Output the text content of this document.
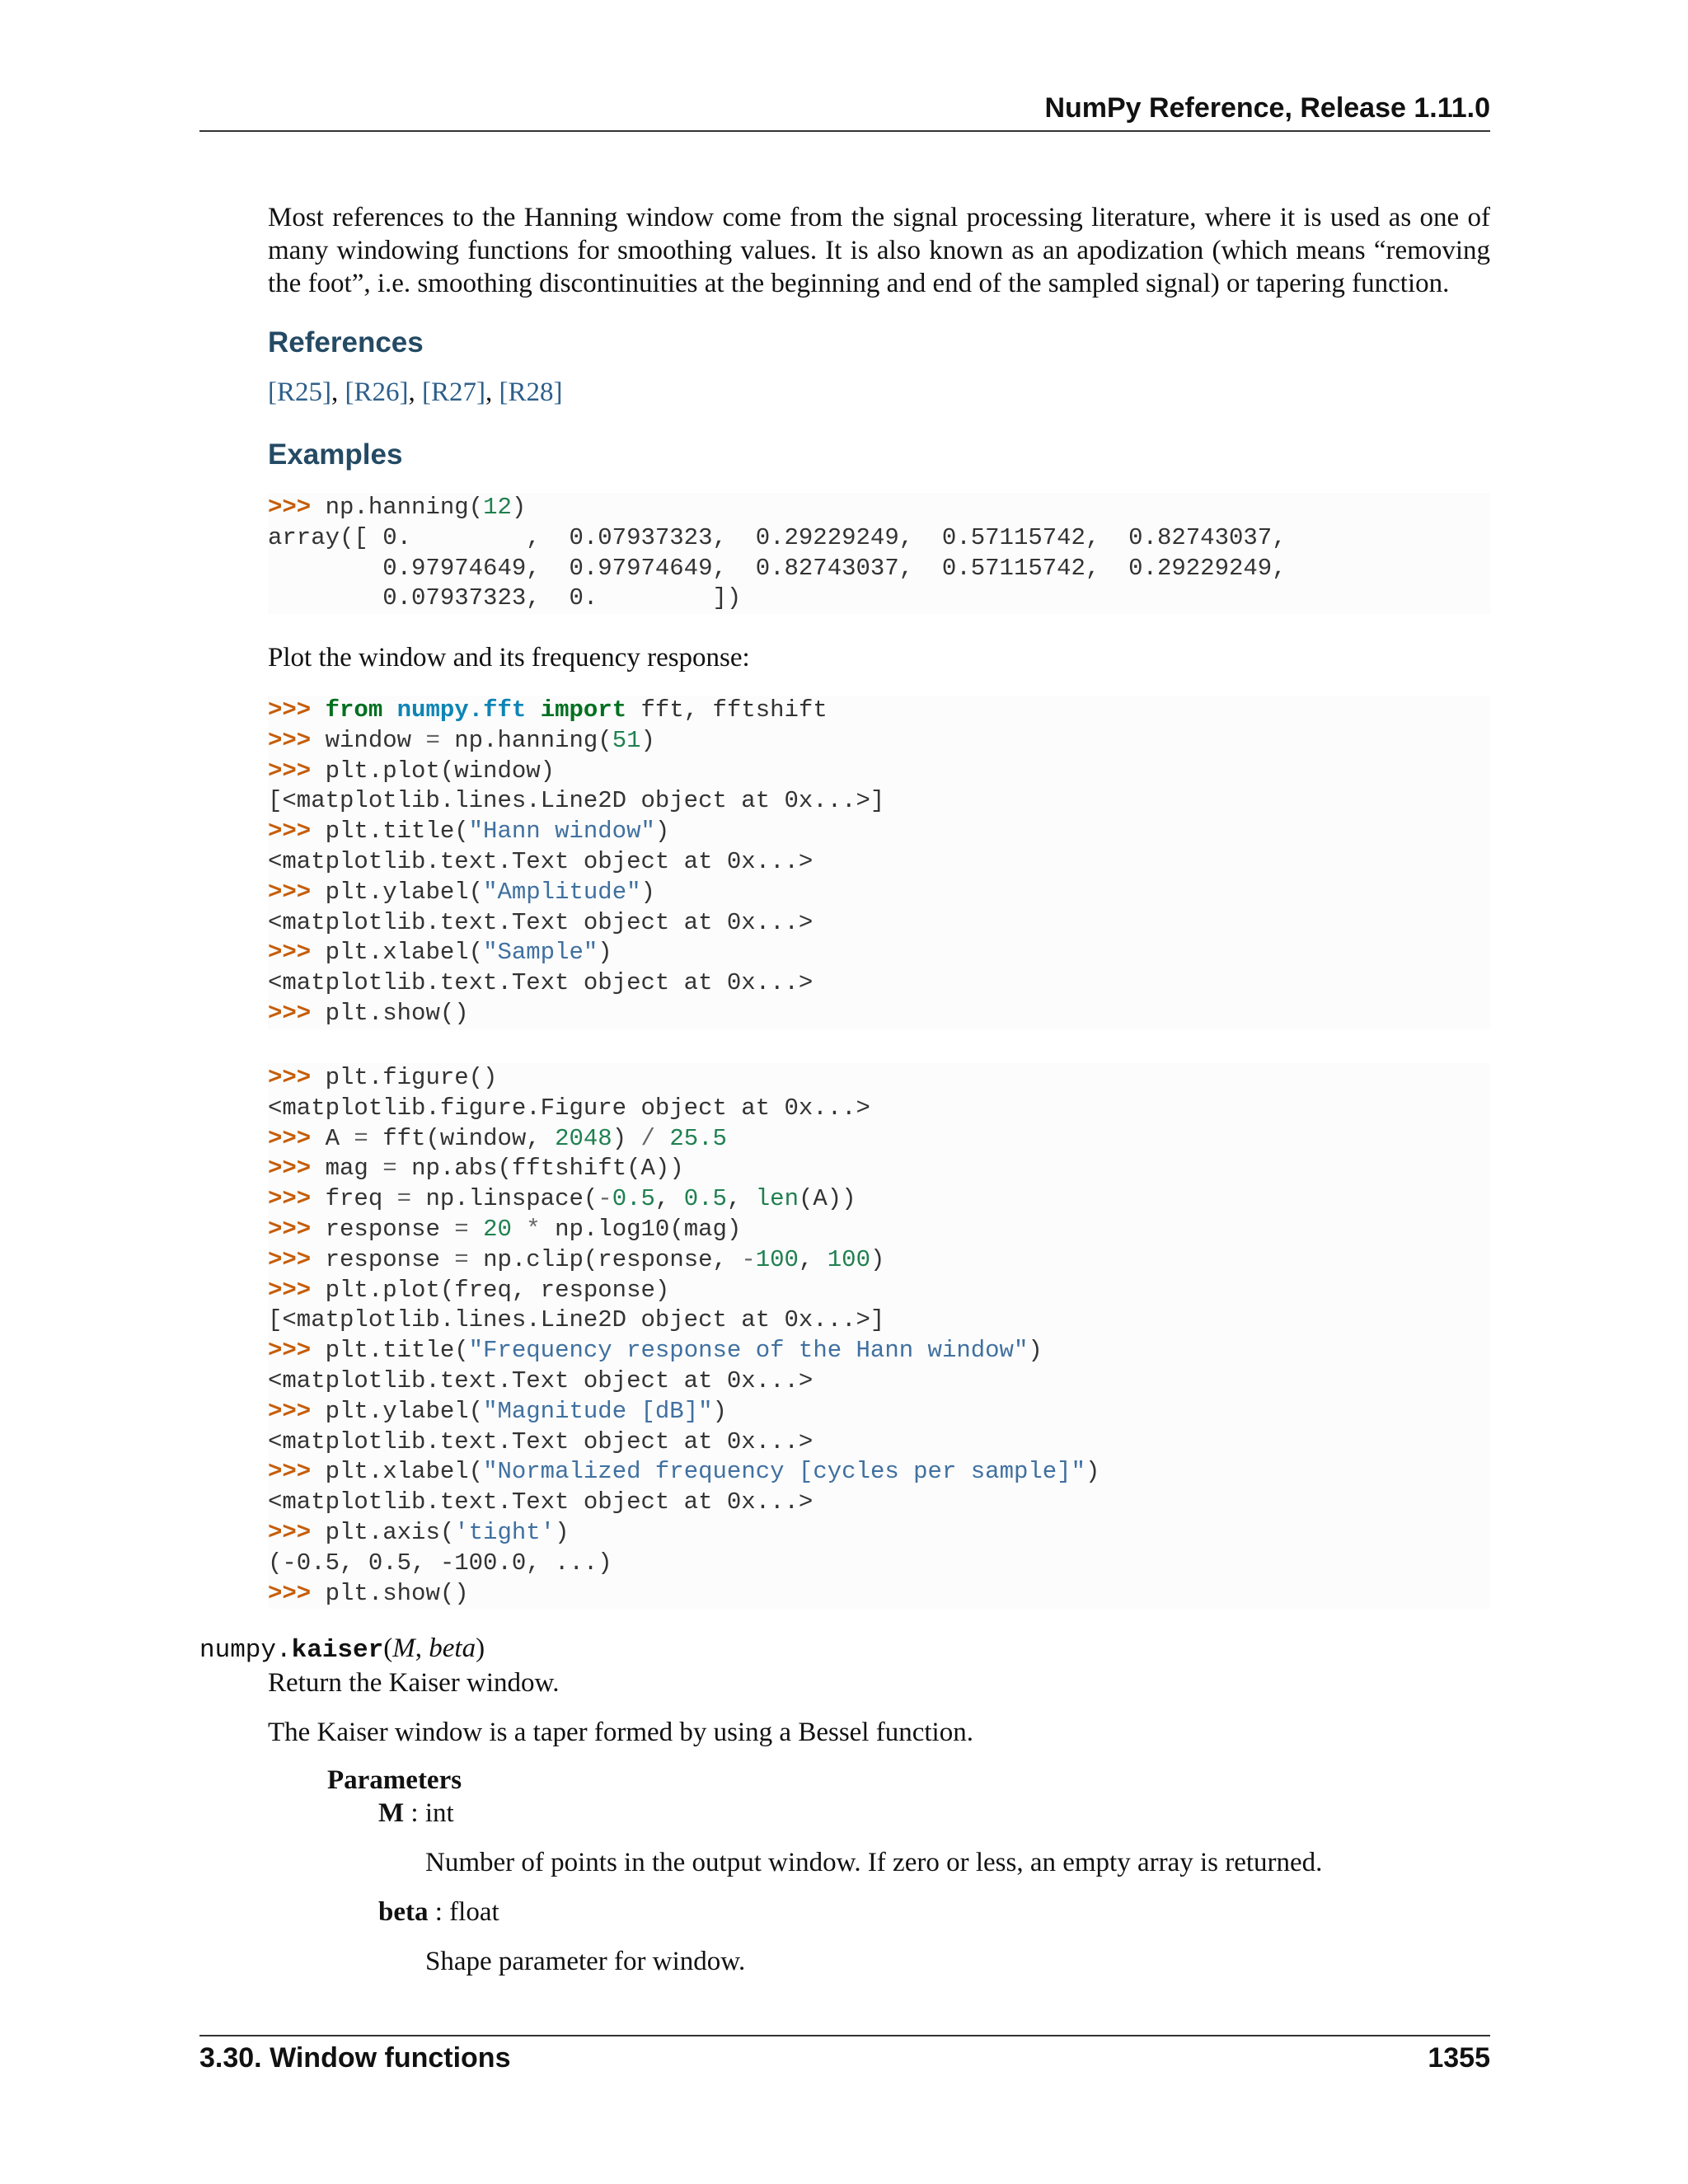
NumPy Reference, Release 1.11.0
Most references to the Hanning window come from the signal processing literature, where it is used as one of many windowing functions for smoothing values. It is also known as an apodization (which means “removing the foot”, i.e. smoothing discontinuities at the beginning and end of the sampled signal) or tapering function.
References
[R25], [R26], [R27], [R28]
Examples
>>> np.hanning(12)
array([ 0.        ,  0.07937323,  0.29229249,  0.57115742,  0.82743037,
0.97974649,  0.97974649,  0.82743037,  0.57115742,  0.29229249,
0.07937323,  0.        ])
Plot the window and its frequency response:
>>> from numpy.fft import fft, fftshift
>>> window = np.hanning(51)
>>> plt.plot(window)
[<matplotlib.lines.Line2D object at 0x...>]
>>> plt.title("Hann window")
<matplotlib.text.Text object at 0x...>
>>> plt.ylabel("Amplitude")
<matplotlib.text.Text object at 0x...>
>>> plt.xlabel("Sample")
<matplotlib.text.Text object at 0x...>
>>> plt.show()
>>> plt.figure()
<matplotlib.figure.Figure object at 0x...>
>>> A = fft(window, 2048) / 25.5
>>> mag = np.abs(fftshift(A))
>>> freq = np.linspace(-0.5, 0.5, len(A))
>>> response = 20 * np.log10(mag)
>>> response = np.clip(response, -100, 100)
>>> plt.plot(freq, response)
[<matplotlib.lines.Line2D object at 0x...>]
>>> plt.title("Frequency response of the Hann window")
<matplotlib.text.Text object at 0x...>
>>> plt.ylabel("Magnitude [dB]")
<matplotlib.text.Text object at 0x...>
>>> plt.xlabel("Normalized frequency [cycles per sample]")
<matplotlib.text.Text object at 0x...>
>>> plt.axis('tight')
(-0.5, 0.5, -100.0, ...)
>>> plt.show()
numpy.kaiser(M, beta)
Return the Kaiser window.
The Kaiser window is a taper formed by using a Bessel function.
Parameters
M : int
Number of points in the output window. If zero or less, an empty array is returned.
beta : float
Shape parameter for window.
3.30. Window functions	1355
